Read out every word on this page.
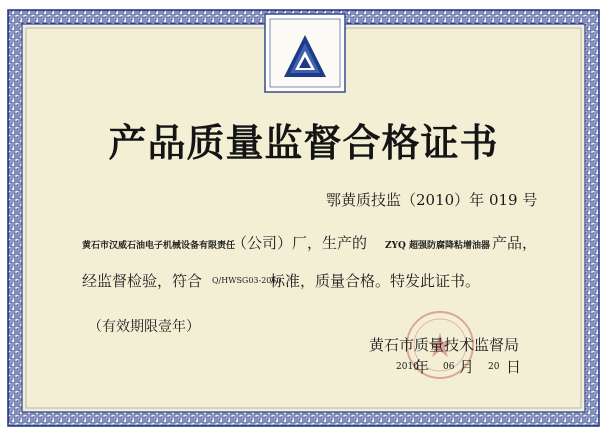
产品质量监督合格证书
鄂黄质技监（2010）年 019 号
黄石市汉威石油电子机械设备有限责任
（公司）厂，生产的 ZYQ 超强防腐降粘增油器 产品，
经监督检验，符合 Q/HWSG03-2010
标准，质量合格。特发此证书。
（有效期限壹年）
黄石市质量技术监督局
2010
年 06 月 20 日
